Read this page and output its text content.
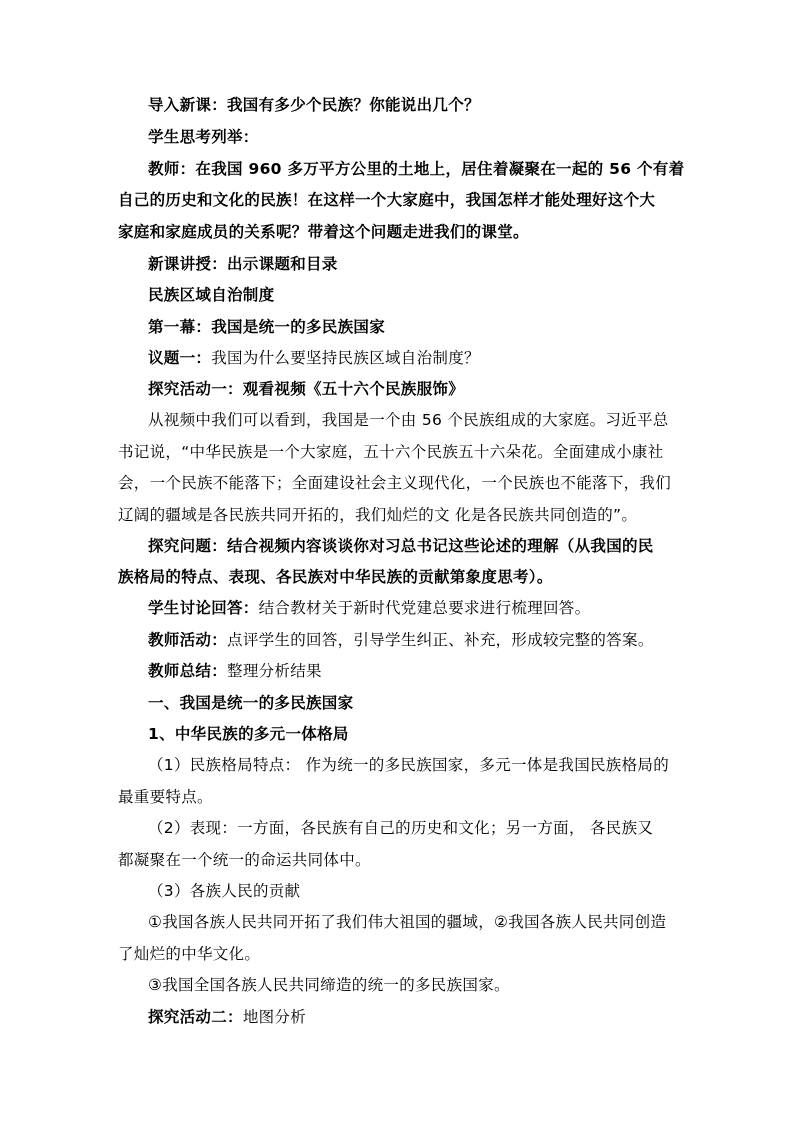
导入新课：我国有多少个民族？你能说出几个？
学生思考列举：
教师：在我国 960 多万平方公里的土地上，居住着凝聚在一起的 56 个有着
自己的历史和文化的民族！在这样一个大家庭中，我国怎样才能处理好这个大
家庭和家庭成员的关系呢？带着这个问题走进我们的课堂。
新课讲授：出示课题和目录
民族区域自治制度
第一幕：我国是统一的多民族国家
议题一：我国为什么要坚持民族区域自治制度？
探究活动一：观看视频《五十六个民族服饰》
从视频中我们可以看到，我国是一个由 56 个民族组成的大家庭。习近平总
书记说，“中华民族是一个大家庭，五十六个民族五十六朵花。全面建成小康社
会，一个民族不能落下；全面建设社会主义现代化，一个民族也不能落下，我们
辽阔的疆域是各民族共同开拓的，我们灿烂的文 化是各民族共同创造的”。
探究问题：结合视频内容谈谈你对习总书记这些论述的理解（从我国的民
族格局的特点、表现、各民族对中华民族的贡献第象度思考）。
学生讨论回答：结合教材关于新时代党建总要求进行梳理回答。
教师活动：点评学生的回答，引导学生纠正、补充，形成较完整的答案。
教师总结：整理分析结果
一、我国是统一的多民族国家
1、中华民族的多元一体格局
（1）民族格局特点： 作为统一的多民族国家，多元一体是我国民族格局的
最重要特点。
（2）表现：一方面，各民族有自己的历史和文化；另一方面， 各民族又
都凝聚在一个统一的命运共同体中。
（3）各族人民的贡献
①我国各族人民共同开拓了我们伟大祖国的疆域，②我国各族人民共同创造
了灿烂的中华文化。
③我国全国各族人民共同缔造的统一的多民族国家。
探究活动二：地图分析
